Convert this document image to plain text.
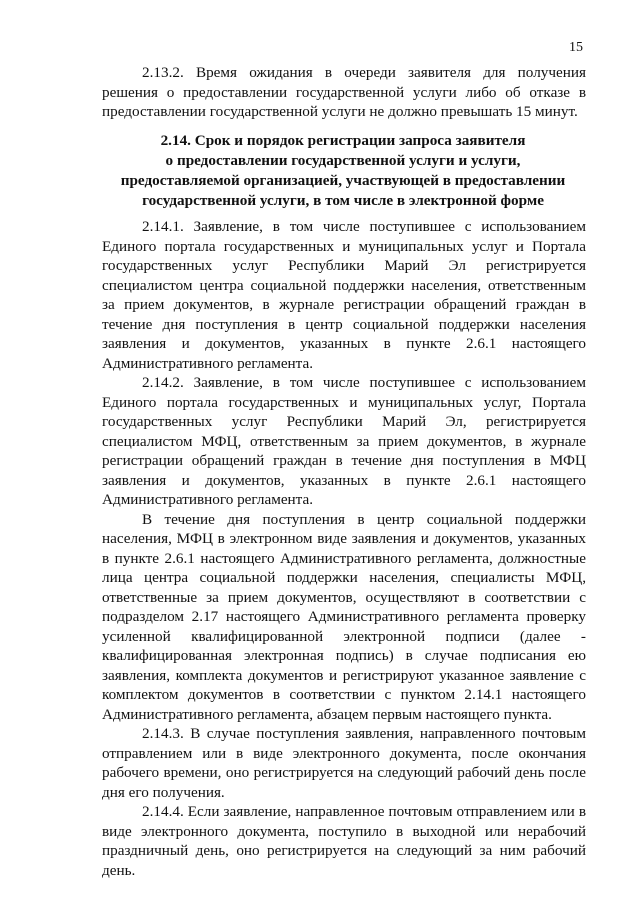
15

2.13.2. Время ожидания в очереди заявителя для получения решения о предоставлении государственной услуги либо об отказе в предоставлении государственной услуги не должно превышать 15 минут.

2.14. Срок и порядок регистрации запроса заявителя
о предоставлении государственной услуги и услуги,
предоставляемой организацией, участвующей в предоставлении
государственной услуги, в том числе в электронной форме

2.14.1. Заявление, в том числе поступившее с использованием Единого портала государственных и муниципальных услуг и Портала государственных услуг Республики Марий Эл регистрируется специалистом центра социальной поддержки населения, ответственным за прием документов, в журнале регистрации обращений граждан в течение дня поступления в центр социальной поддержки населения заявления и документов, указанных в пункте 2.6.1 настоящего Административного регламента.

2.14.2. Заявление, в том числе поступившее с использованием Единого портала государственных и муниципальных услуг, Портала государственных услуг Республики Марий Эл, регистрируется специалистом МФЦ, ответственным за прием документов, в журнале регистрации обращений граждан в течение дня поступления в МФЦ заявления и документов, указанных в пункте 2.6.1 настоящего Административного регламента.

В течение дня поступления в центр социальной поддержки населения, МФЦ в электронном виде заявления и документов, указанных в пункте 2.6.1 настоящего Административного регламента, должностные лица центра социальной поддержки населения, специалисты МФЦ, ответственные за прием документов, осуществляют в соответствии с подразделом 2.17 настоящего Административного регламента проверку усиленной квалифицированной электронной подписи (далее - квалифицированная электронная подпись) в случае подписания ею заявления, комплекта документов и регистрируют указанное заявление с комплектом документов в соответствии с пунктом 2.14.1 настоящего Административного регламента, абзацем первым настоящего пункта.

2.14.3. В случае поступления заявления, направленного почтовым отправлением или в виде электронного документа, после окончания рабочего времени, оно регистрируется на следующий рабочий день после дня его получения.

2.14.4. Если заявление, направленное почтовым отправлением или в виде электронного документа, поступило в выходной или нерабочий праздничный день, оно регистрируется на следующий за ним рабочий день.
